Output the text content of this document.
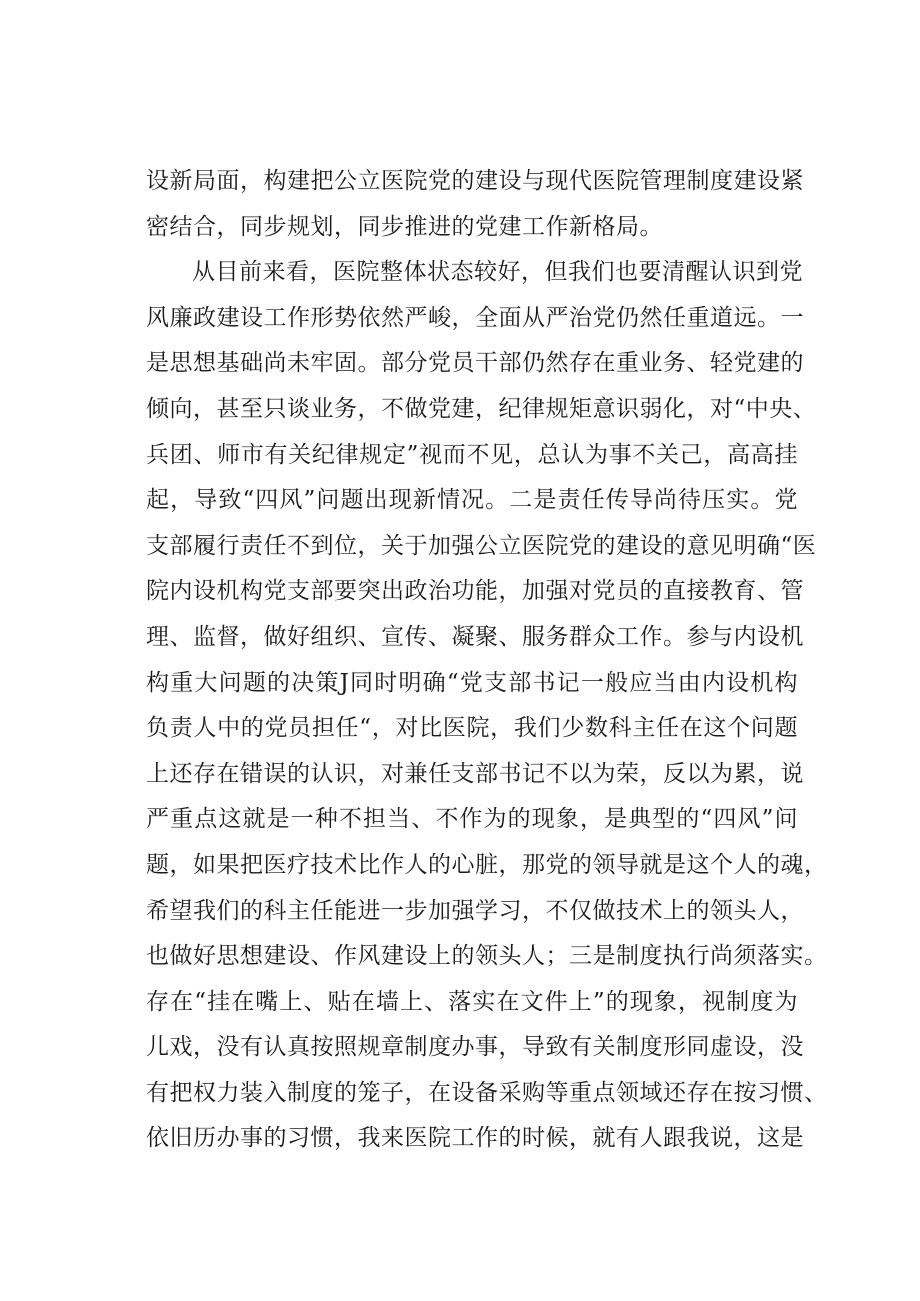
设新局面，构建把公立医院党的建设与现代医院管理制度建设紧
密结合，同步规划，同步推进的党建工作新格局。
从目前来看，医院整体状态较好，但我们也要清醒认识到党
风廉政建设工作形势依然严峻，全面从严治党仍然任重道远。一
是思想基础尚未牢固。部分党员干部仍然存在重业务、轻党建的
倾向，甚至只谈业务，不做党建，纪律规矩意识弱化，对“中央、
兵团、师市有关纪律规定”视而不见，总认为事不关己，高高挂
起，导致“四风”问题出现新情况。二是责任传导尚待压实。党
支部履行责任不到位，关于加强公立医院党的建设的意见明确“医
院内设机构党支部要突出政治功能，加强对党员的直接教育、管
理、监督，做好组织、宣传、凝聚、服务群众工作。参与内设机
构重大问题的决策J同时明确“党支部书记一般应当由内设机构
负责人中的党员担任“，对比医院，我们少数科主任在这个问题
上还存在错误的认识，对兼任支部书记不以为荣，反以为累，说
严重点这就是一种不担当、不作为的现象，是典型的“四风”问
题，如果把医疗技术比作人的心脏，那党的领导就是这个人的魂，
希望我们的科主任能进一步加强学习，不仅做技术上的领头人，
也做好思想建设、作风建设上的领头人；三是制度执行尚须落实。
存在“挂在嘴上、贴在墙上、落实在文件上”的现象，视制度为
儿戏，没有认真按照规章制度办事，导致有关制度形同虚设，没
有把权力装入制度的笼子，在设备采购等重点领域还存在按习惯、
依旧历办事的习惯，我来医院工作的时候，就有人跟我说，这是
